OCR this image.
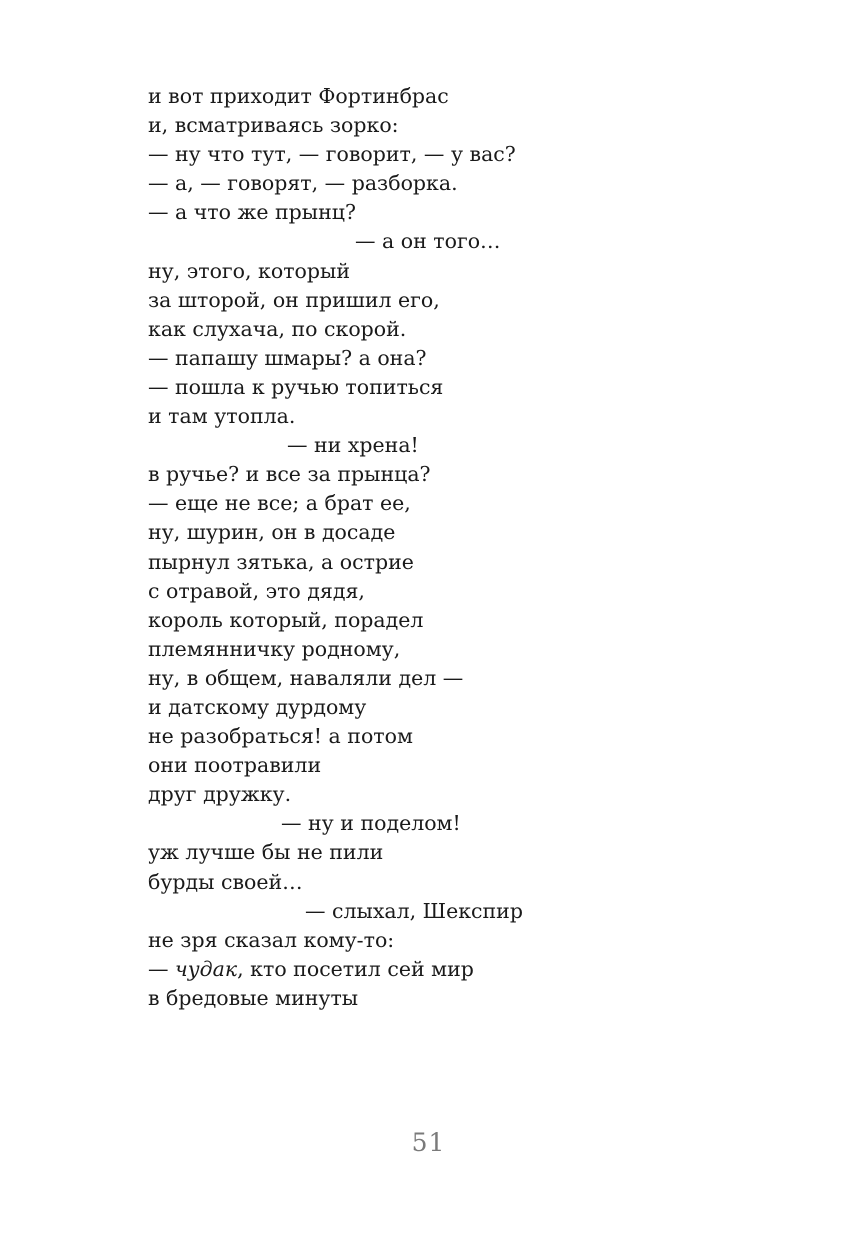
и вот приходит Фортинбрас
и, всматриваясь зорко:
— ну что тут, — говорит, — у вас?
— а, — говорят, — разборка.
— а что же прынц?
— а он того…
ну, этого, который
за шторой, он пришил его,
как слухача, по скорой.
— папашу шмары? а она?
— пошла к ручью топиться
и там утопла.
— ни хрена!
в ручье? и все за прынца?
— еще не все; а брат ее,
ну, шурин, он в досаде
пырнул зятька, а острие
с отравой, это дядя,
король который, порадел
племянничку родному,
ну, в общем, наваляли дел —
и датскому дурдому
не разобраться! а потом
они поотравили
друг дружку.
— ну и поделом!
уж лучше бы не пили
бурды своей…
— слыхал, Шекспир
не зря сказал кому-то:
— чудак, кто посетил сей мир
в бредовые минуты
51
